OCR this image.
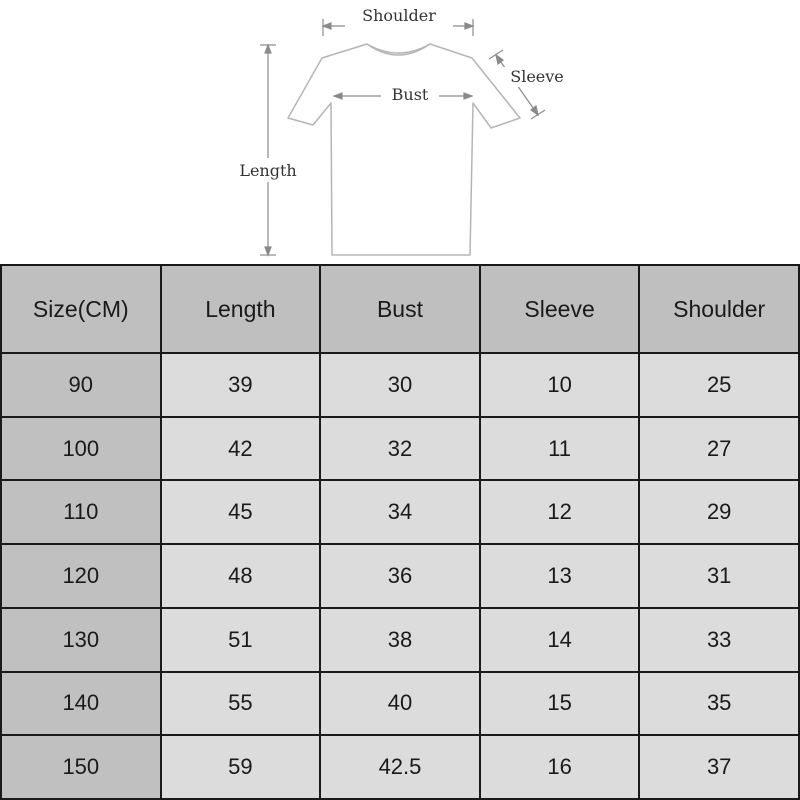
Shoulder
Bust
Sleeve
Length
Size(CM)	Length	Bust	Sleeve	Shoulder
90	39	30	10	25
100	42	32	11	27
110	45	34	12	29
120	48	36	13	31
130	51	38	14	33
140	55	40	15	35
150	59	42.5	16	37
